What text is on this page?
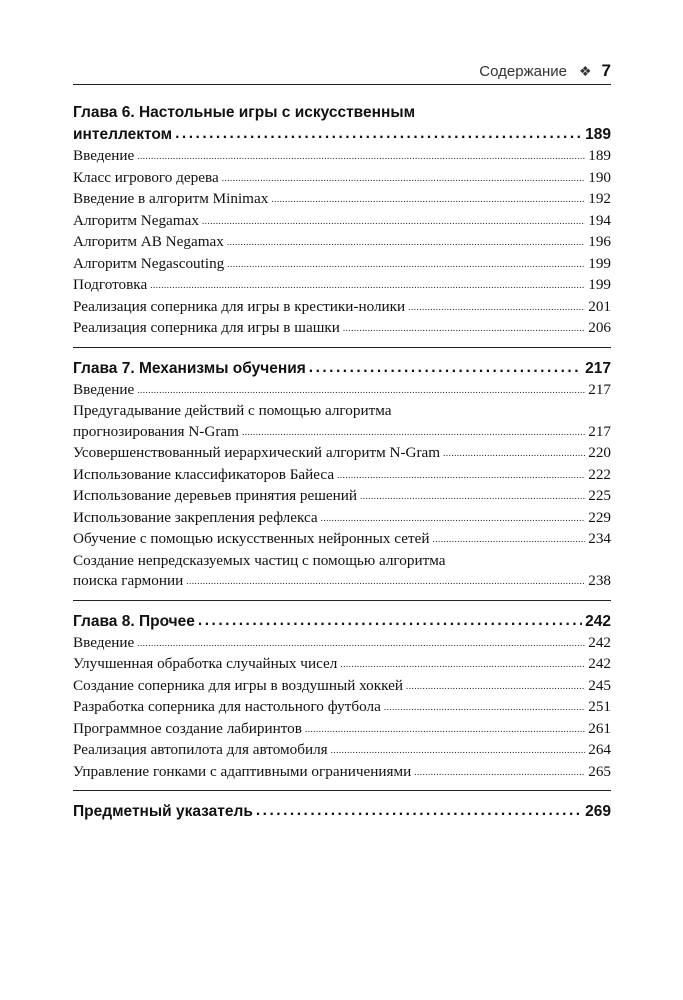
Содержание ❖ 7
Глава 6. Настольные игры с искусственным
интеллектом .....	189
Введение .....	189
Класс игрового дерева .....	190
Введение в алгоритм Minimax .....	192
Алгоритм Negamax .....	194
Алгоритм AB Negamax .....	196
Алгоритм Negascouting .....	199
Подготовка .....	199
Реализация соперника для игры в крестики-нолики .....	201
Реализация соперника для игры в шашки .....	206
Глава 7. Механизмы обучения .....	217
Введение .....	217
Предугадывание действий с помощью алгоритма
прогнозирования N-Gram .....	217
Усовершенствованный иерархический алгоритм N-Gram .....	220
Использование классификаторов Байеса .....	222
Использование деревьев принятия решений .....	225
Использование закрепления рефлекса .....	229
Обучение с помощью искусственных нейронных сетей .....	234
Создание непредсказуемых частиц с помощью алгоритма
поиска гармонии .....	238
Глава 8. Прочее .....	242
Введение .....	242
Улучшенная обработка случайных чисел .....	242
Создание соперника для игры в воздушный хоккей .....	245
Разработка соперника для настольного футбола .....	251
Программное создание лабиринтов .....	261
Реализация автопилота для автомобиля .....	264
Управление гонками с адаптивными ограничениями .....	265
Предметный указатель .....	269
